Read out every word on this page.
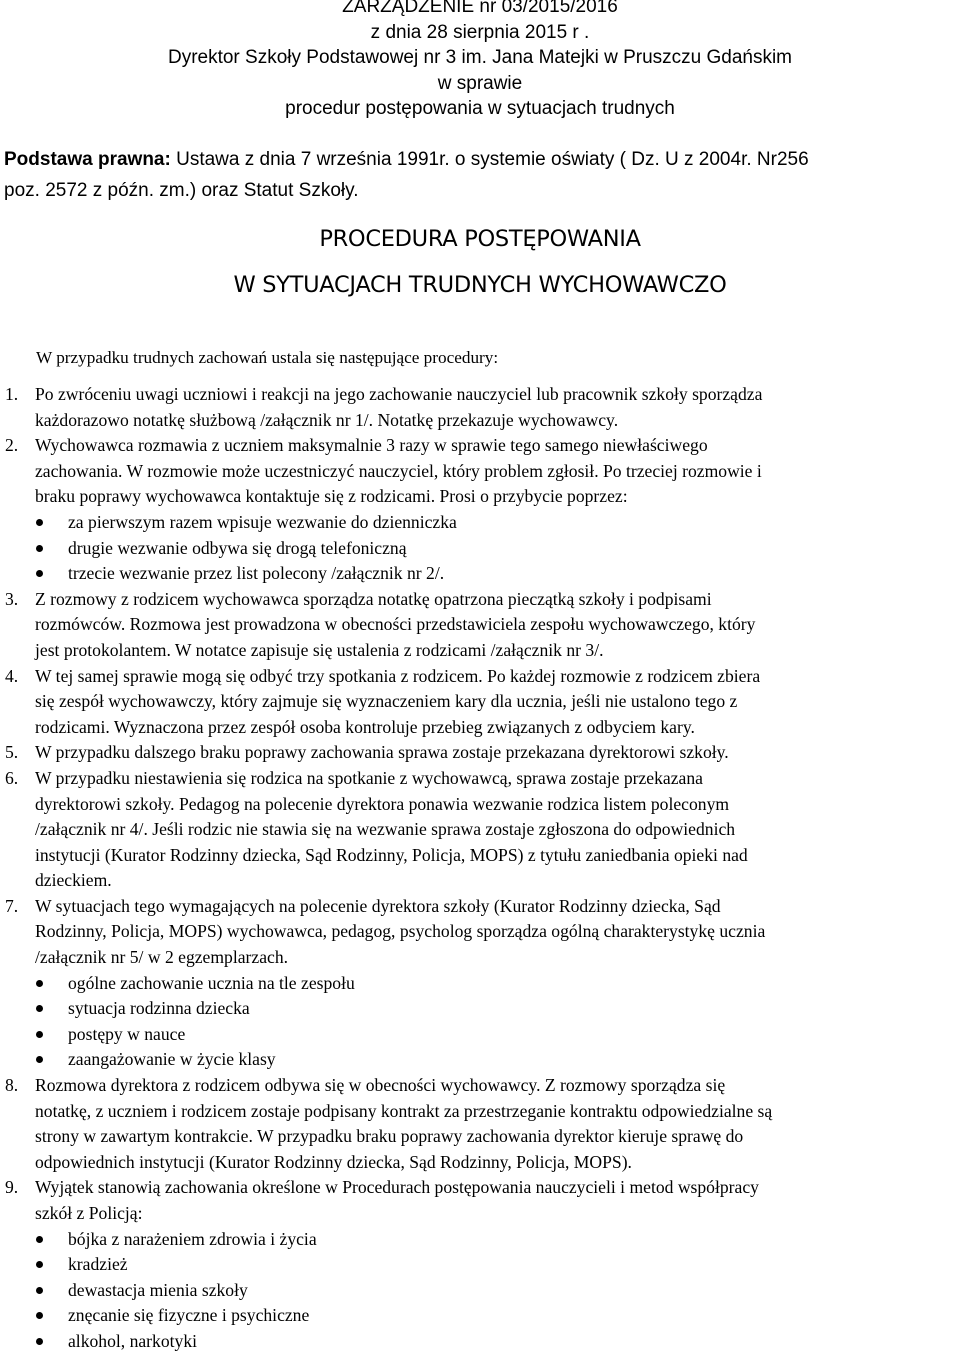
ZARZĄDZENIE nr 03/2015/2016
z dnia 28 sierpnia 2015 r .
Dyrektor Szkoły Podstawowej nr 3 im. Jana Matejki w Pruszczu Gdańskim
w sprawie
procedur postępowania w sytuacjach trudnych
Podstawa prawna: Ustawa z dnia 7 września 1991r. o systemie oświaty ( Dz. U z 2004r. Nr256
poz. 2572 z późn. zm.) oraz Statut Szkoły.
PROCEDURA POSTĘPOWANIA
W SYTUACJACH TRUDNYCH WYCHOWAWCZO
W przypadku trudnych zachowań ustala się następujące procedury:
1. Po zwróceniu uwagi uczniowi i reakcji na jego zachowanie nauczyciel lub pracownik szkoły sporządza
każdorazowo notatkę służbową /załącznik nr 1/. Notatkę przekazuje wychowawcy.
2. Wychowawca rozmawia z uczniem maksymalnie 3 razy w sprawie tego samego niewłaściwego
zachowania. W rozmowie może uczestniczyć nauczyciel, który problem zgłosił. Po trzeciej rozmowie i
braku poprawy wychowawca kontaktuje się z rodzicami. Prosi o przybycie poprzez:
za pierwszym razem wpisuje wezwanie do dzienniczka
drugie wezwanie odbywa się drogą telefoniczną
trzecie wezwanie przez list polecony /załącznik nr 2/.
3. Z rozmowy z rodzicem wychowawca sporządza notatkę opatrzona pieczątką szkoły i podpisami
rozmówców. Rozmowa jest prowadzona w obecności przedstawiciela zespołu wychowawczego, który
jest protokolantem. W notatce zapisuje się ustalenia z rodzicami /załącznik nr 3/.
4. W tej samej sprawie mogą się odbyć trzy spotkania z rodzicem. Po każdej rozmowie z rodzicem zbiera
się zespół wychowawczy, który zajmuje się wyznaczeniem kary dla ucznia, jeśli nie ustalono tego z
rodzicami. Wyznaczona przez zespół osoba kontroluje przebieg związanych z odbyciem kary.
5. W przypadku dalszego braku poprawy zachowania sprawa zostaje przekazana dyrektorowi szkoły.
6. W przypadku niestawienia się rodzica na spotkanie z wychowawcą, sprawa zostaje przekazana
dyrektorowi szkoły. Pedagog na polecenie dyrektora ponawia wezwanie rodzica listem poleconym
/załącznik nr 4/. Jeśli rodzic nie stawia się na wezwanie sprawa zostaje zgłoszona do odpowiednich
instytucji (Kurator Rodzinny dziecka, Sąd Rodzinny, Policja, MOPS) z tytułu zaniedbania opieki nad
dzieckiem.
7. W sytuacjach tego wymagających na polecenie dyrektora szkoły (Kurator Rodzinny dziecka, Sąd
Rodzinny, Policja, MOPS) wychowawca, pedagog, psycholog sporządza ogólną charakterystykę ucznia
/załącznik nr 5/ w 2 egzemplarzach.
ogólne zachowanie ucznia na tle zespołu
sytuacja rodzinna dziecka
postępy w nauce
zaangażowanie w życie klasy
8. Rozmowa dyrektora z rodzicem odbywa się w obecności wychowawcy. Z rozmowy sporządza się
notatkę, z uczniem i rodzicem zostaje podpisany kontrakt za przestrzeganie kontraktu odpowiedzialne są
strony w zawartym kontrakcie. W przypadku braku poprawy zachowania dyrektor kieruje sprawę do
odpowiednich instytucji (Kurator Rodzinny dziecka, Sąd Rodzinny, Policja, MOPS).
9. Wyjątek stanowią zachowania określone w Procedurach postępowania nauczycieli i metod współpracy
szkół z Policją:
bójka z narażeniem zdrowia i życia
kradzież
dewastacja mienia szkoły
znęcanie się fizyczne i psychiczne
alkohol, narkotyki
